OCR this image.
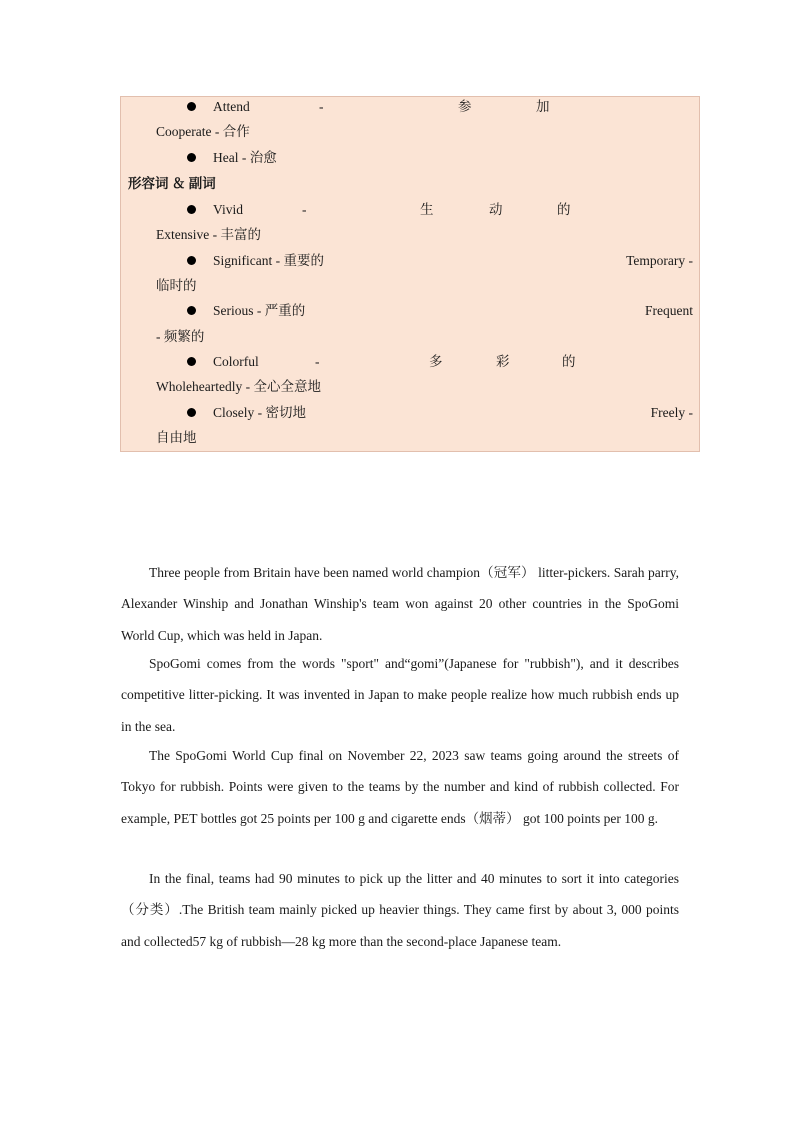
Attend	-	参	加
Cooperate - 合作
Heal - 治愈
形容词 ＆ 副词
Vivid	-	生	动	的
Extensive - 丰富的
Significant - 重要的	Temporary -
临时的
Serious - 严重的	Frequent
- 频繁的
Colorful	-	多	彩	的
Wholeheartedly - 全心全意地
Closely - 密切地	Freely -
自由地

Three people from Britain have been named world champion（冠军） litter-pickers. Sarah parry, Alexander Winship and Jonathan Winship's team won against 20 other countries in the SpoGomi World Cup, which was held in Japan.

SpoGomi comes from the words "sport" and“gomi”(Japanese for "rubbish"), and it describes competitive litter-picking. It was invented in Japan to make people realize how much rubbish ends up in the sea.

The SpoGomi World Cup final on November 22, 2023 saw teams going around the streets of Tokyo for rubbish. Points were given to the teams by the number and kind of rubbish collected. For example, PET bottles got 25 points per 100 g and cigarette ends（烟蒂） got 100 points per 100 g.

In the final, teams had 90 minutes to pick up the litter and 40 minutes to sort it into categories（分类）.The British team mainly picked up heavier things. They came first by about 3, 000 points and collected57 kg of rubbish—28 kg more than the second-place Japanese team.
